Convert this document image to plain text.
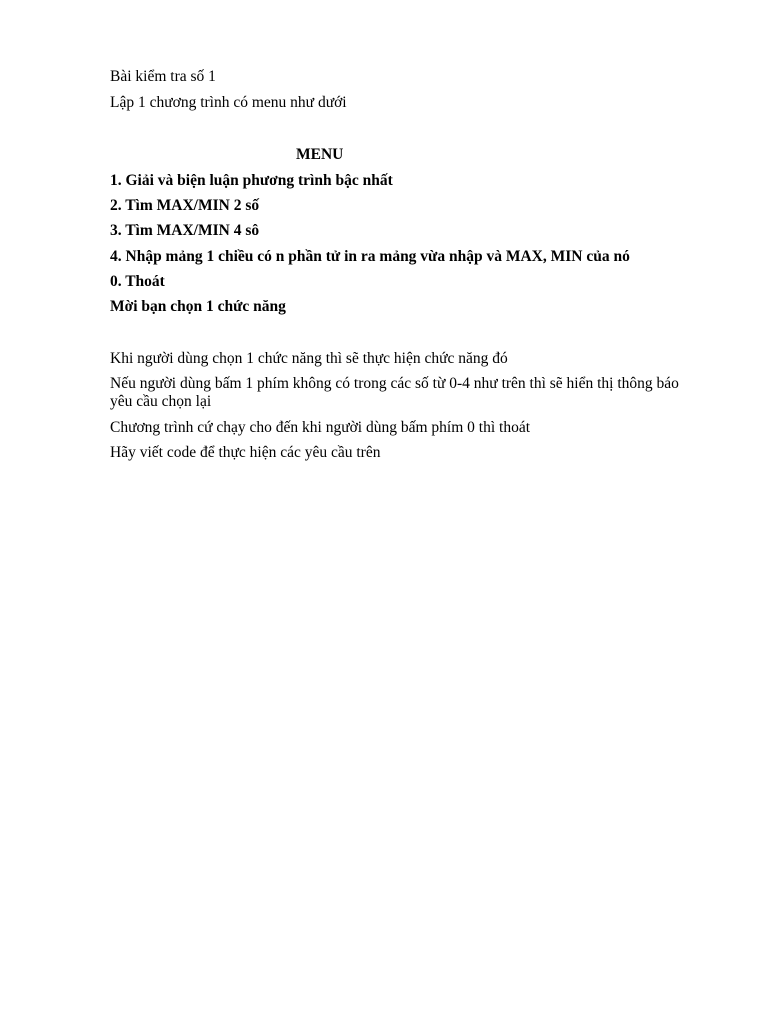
Bài kiểm tra số 1
Lập 1 chương trình có menu như dưới
MENU
1. Giải và biện luận phương trình bậc nhất
2. Tìm MAX/MIN 2 số
3. Tìm MAX/MIN 4 sô
4. Nhập mảng 1 chiều có n phần tử in ra mảng vừa nhập và MAX, MIN của nó
0. Thoát
Mời bạn chọn 1 chức năng
Khi người dùng chọn 1 chức năng thì sẽ thực hiện chức năng đó
Nếu người dùng bấm 1 phím không có trong các số từ 0-4 như trên thì sẽ hiển thị thông báo yêu cầu chọn lại
Chương trình cứ chạy cho đến khi người dùng bấm phím 0 thì thoát
Hãy viết code để thực hiện các yêu cầu trên
